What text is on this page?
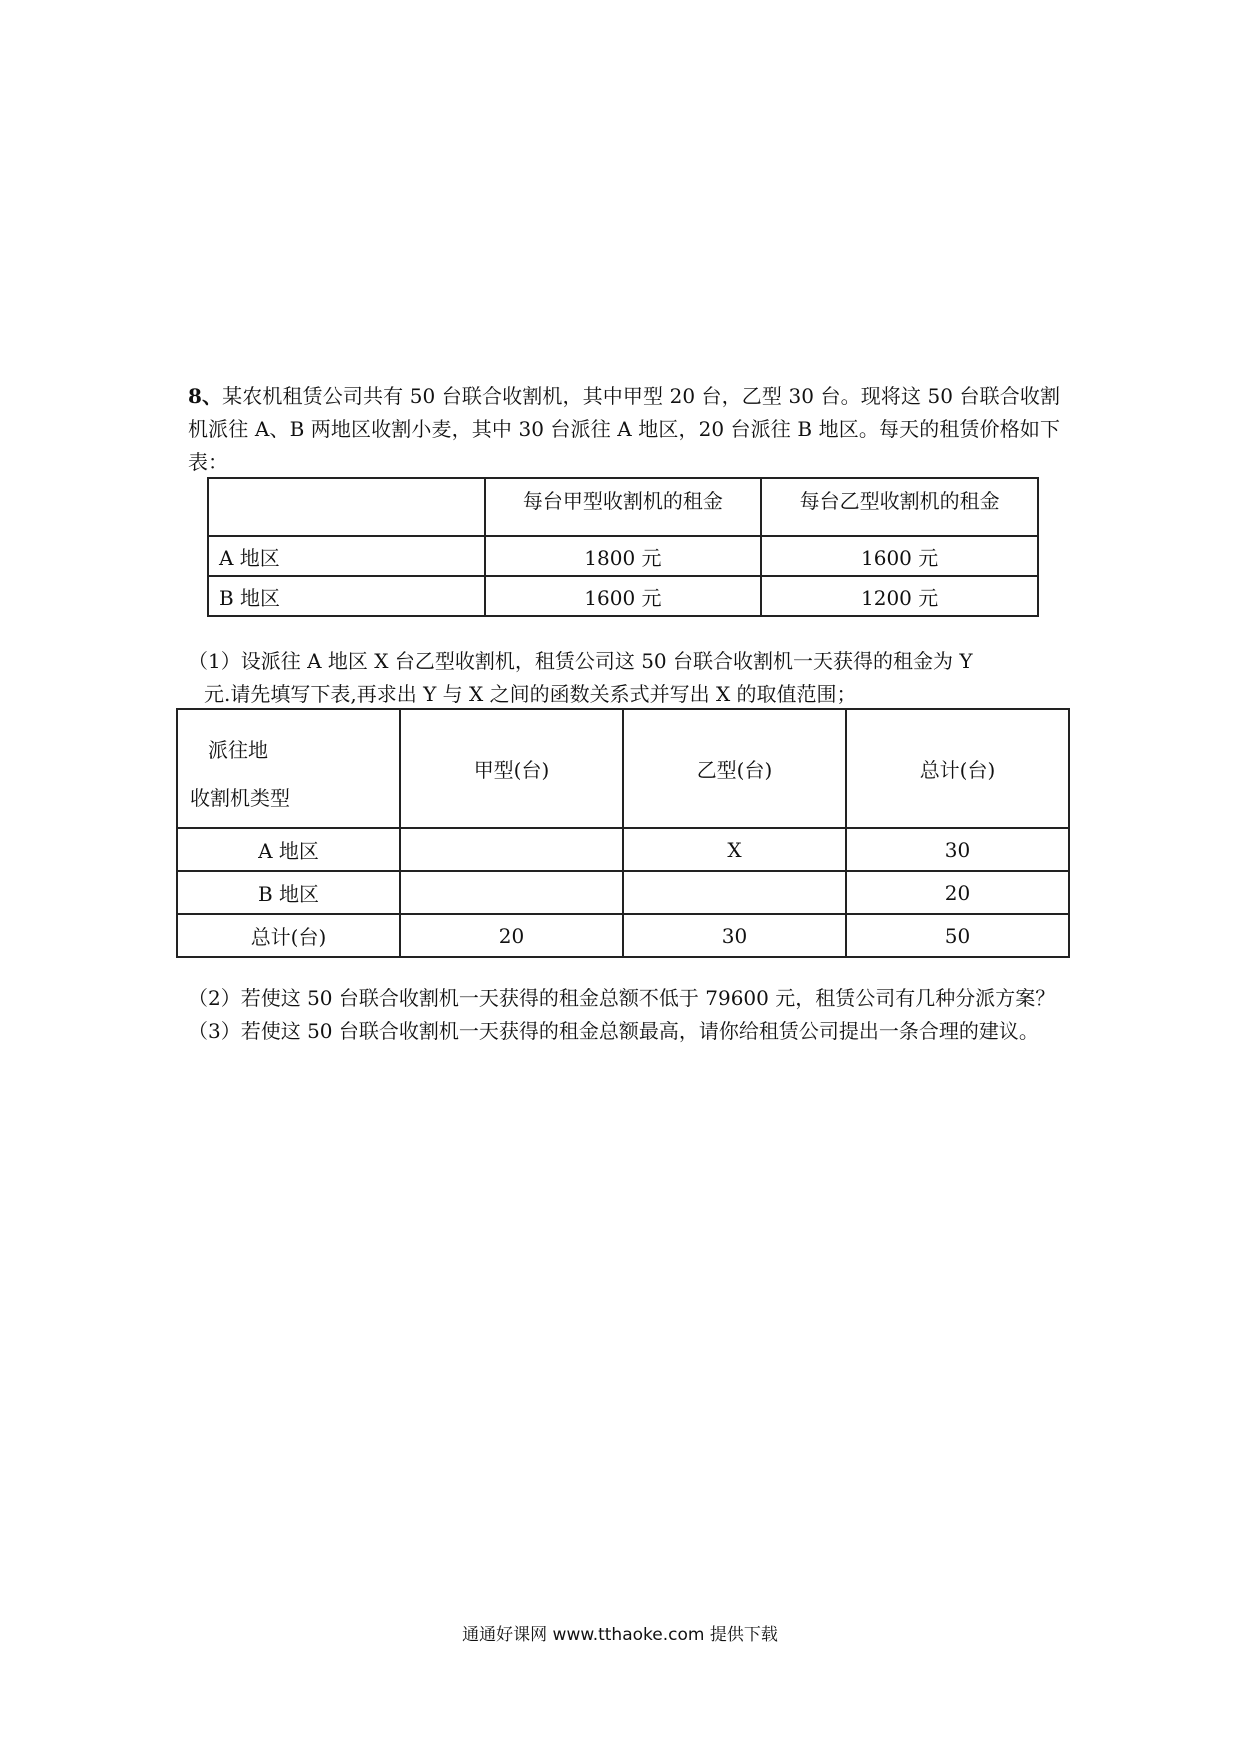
8、某农机租赁公司共有 50 台联合收割机，其中甲型 20 台，乙型 30 台。现将这 50 台联合收割机派往 A、B 两地区收割小麦，其中 30 台派往 A 地区，20 台派往 B 地区。每天的租赁价格如下表：
	每台甲型收割机的租金	每台乙型收割机的租金
A 地区	1800 元	1600 元
B 地区	1600 元	1200 元
（1）设派往 A 地区 X 台乙型收割机，租赁公司这 50 台联合收割机一天获得的租金为 Y
元.请先填写下表,再求出 Y 与 X 之间的函数关系式并写出 X 的取值范围；
派往地
收割机类型	甲型(台)	乙型(台)	总计(台)
A 地区		X	30
B 地区			20
总计(台)	20	30	50
（2）若使这 50 台联合收割机一天获得的租金总额不低于 79600 元，租赁公司有几种分派方案？
（3）若使这 50 台联合收割机一天获得的租金总额最高，请你给租赁公司提出一条合理的建议。
通通好课网 www.tthaoke.com 提供下载
